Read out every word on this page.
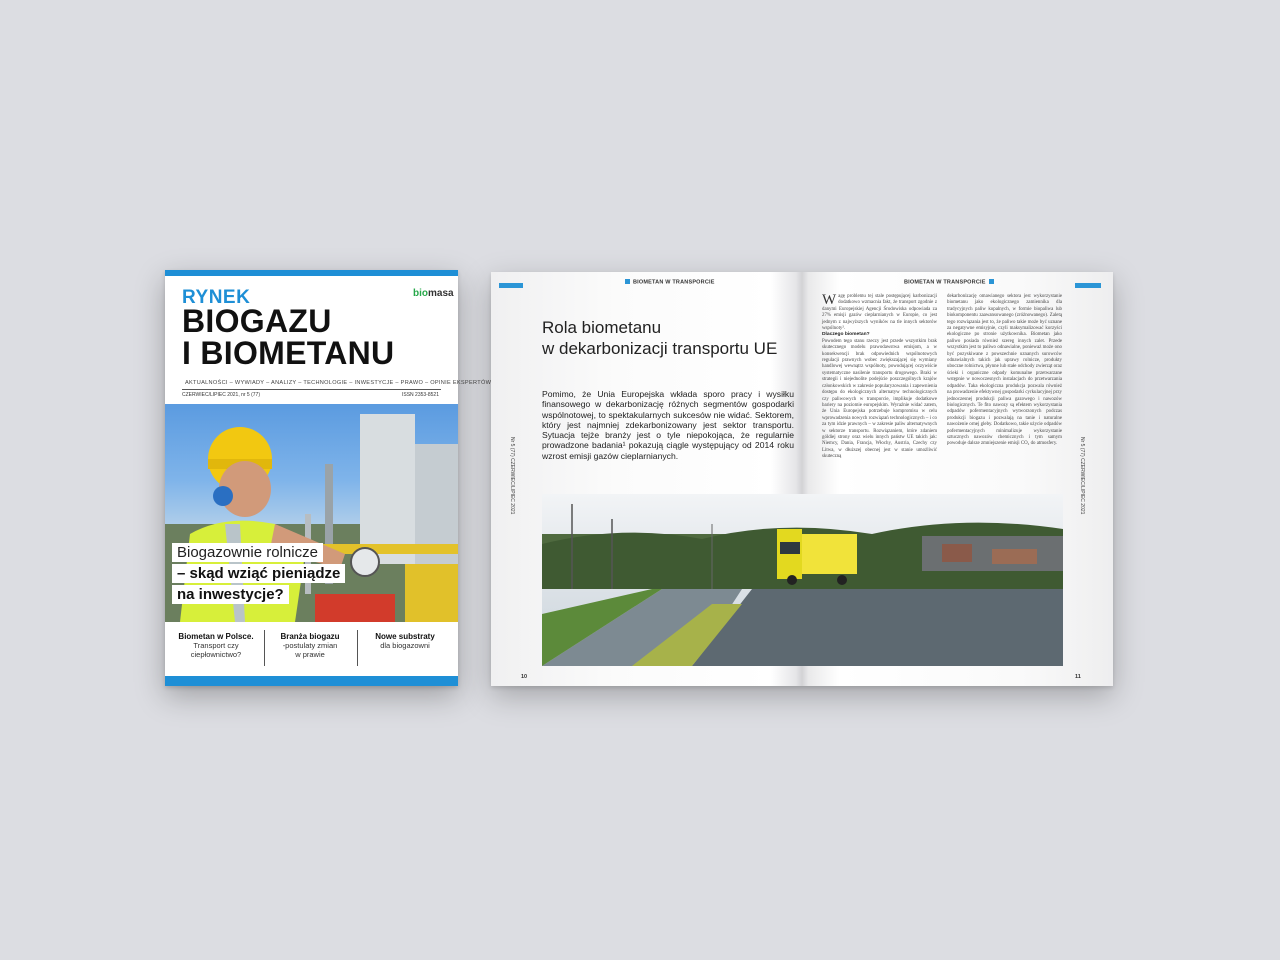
RYNEK
BIOGAZU
I BIOMETANU
biomasa
AKTUALNOŚCI – WYWIADY – ANALIZY – TECHNOLOGIE – INWESTYCJE – PRAWO – OPINIE EKSPERTÓW
CZERWIEC/LIPIEC 2021, nr 5 (77)	ISSN 2353-8521
Biogazownie rolnicze
– skąd wziąć pieniądze
na inwestycje?
Biometan w Polsce.
Transport czy
ciepłownictwo?
Branża biogazu
-postulaty zmian
w prawie
Nowe substraty
dla biogazowni
BIOMETAN W TRANSPORCIE	BIOMETAN W TRANSPORCIE
Rola biometanu
w dekarbonizacji transportu UE
Pomimo, że Unia Europejska wkłada sporo pracy i wysiłku finansowego w dekarbonizację różnych segmentów gospodarki wspólnotowej, to spektakularnych sukcesów nie widać. Sektorem, który jest najmniej zdekarbonizowany jest sektor transportu. Sytuacja tejże branży jest o tyle niepokojąca, że regularnie prowadzone badania¹ pokazują ciągle występujący od 2014 roku wzrost emisji gazów cieplarnianych.
Nr 5 (77) CZERWIEC/LIPIEC 2021	Nr 5 (77) CZERWIEC/LIPIEC 2021
Wagę problemu tej stale postępującej karbonizacji dodatkowo wzmacnia fakt, że transport zgodnie z danymi Europejskiej Agencji Środowiska odpowiada za 27% emisji gazów cieplarnianych w Europie, co jest jednym z najwyższych wyników na tle innych sektorów wspólnoty².
Dlaczego biometan?
Powodem tego stanu rzeczy jest przede wszystkim brak skutecznego modelu prawodawstwa emisjom, a w konsekwencji brak odpowiednich wspólnotowych regulacji prawnych wobec zwiększającej się wymiany handlowej wewnątrz wspólnoty, powodującej oczywiście systematyczne nasilenie transportu drogowego. Braki w strategii i niejednolite podejście poszczególnych krajów członkowskich w zakresie popularyzowania i zapewnienia dostępu do ekologicznych alternatyw technologicznych czy paliwowych w transporcie, implikuje dodatkowe bariery na poziomie europejskim. Wyraźnie widać zatem, że Unia Europejska potrzebuje kompromisu w celu wprowadzenia nowych rozwiązań technologicznych – i co za tym idzie prawnych – w zakresie paliw alternatywnych w sektorze transportu. Rozwiązaniem, które zdaniem góldiej strony oraz wielu innych państw UE takich jak: Niemcy, Dania, Francja, Włochy, Austria, Czechy czy Litwa, w dłuższej obecnej jest w stanie umożliwić skuteczną
dekarbonizację omawianego sektora jest wykorzystanie biometanu jako ekologicznego zamiennika dla tradycyjnych paliw kopalnych, w formie biopaliwa lub biokomponentu zaawansowanego (zróżnowanego). Zaletą tego rozwiązania jest to, że paliwo takie może być uznane za negatywne emisyjnie, czyli maksymalizować korzyści ekologiczne po stronie użytkownika. Biometan jako paliwo posiada również szereg innych zalet. Przede wszystkim jest to paliwo odnawialne, ponieważ może ono być pozyskiwane z powszechnie uznanych surowców odnawialnych takich jak uprawy rolnicze, produkty uboczne rolnictwa, płynne lub stałe odchody zwierząt oraz ścieki i organiczne odpady komunalne przetwarzane wstępnie w nowoczesnych instalacjach do przetwarzania odpadów. Taka ekologiczna produkcja pozwala również na prowadzenie efektywnej gospodarki cyrkulacyjnej przy jednoczesnej produkcji paliwa gazowego i nawozów biologicznych. Te fito nawozy są efektem wykorzystania odpadów pofermentacyjnych wytworzonych podczas produkcji biogazu i pozwalają na tanie i naturalne nawożenie ornej gleby. Dodatkowo, takie użycie odpadów pofermentacyjnych minimalizuje wykorzystanie sztucznych nawozów chemicznych i tym samym powoduje dalsze zmniejszenie emisji CO₂ do atmosfery.
10	11
